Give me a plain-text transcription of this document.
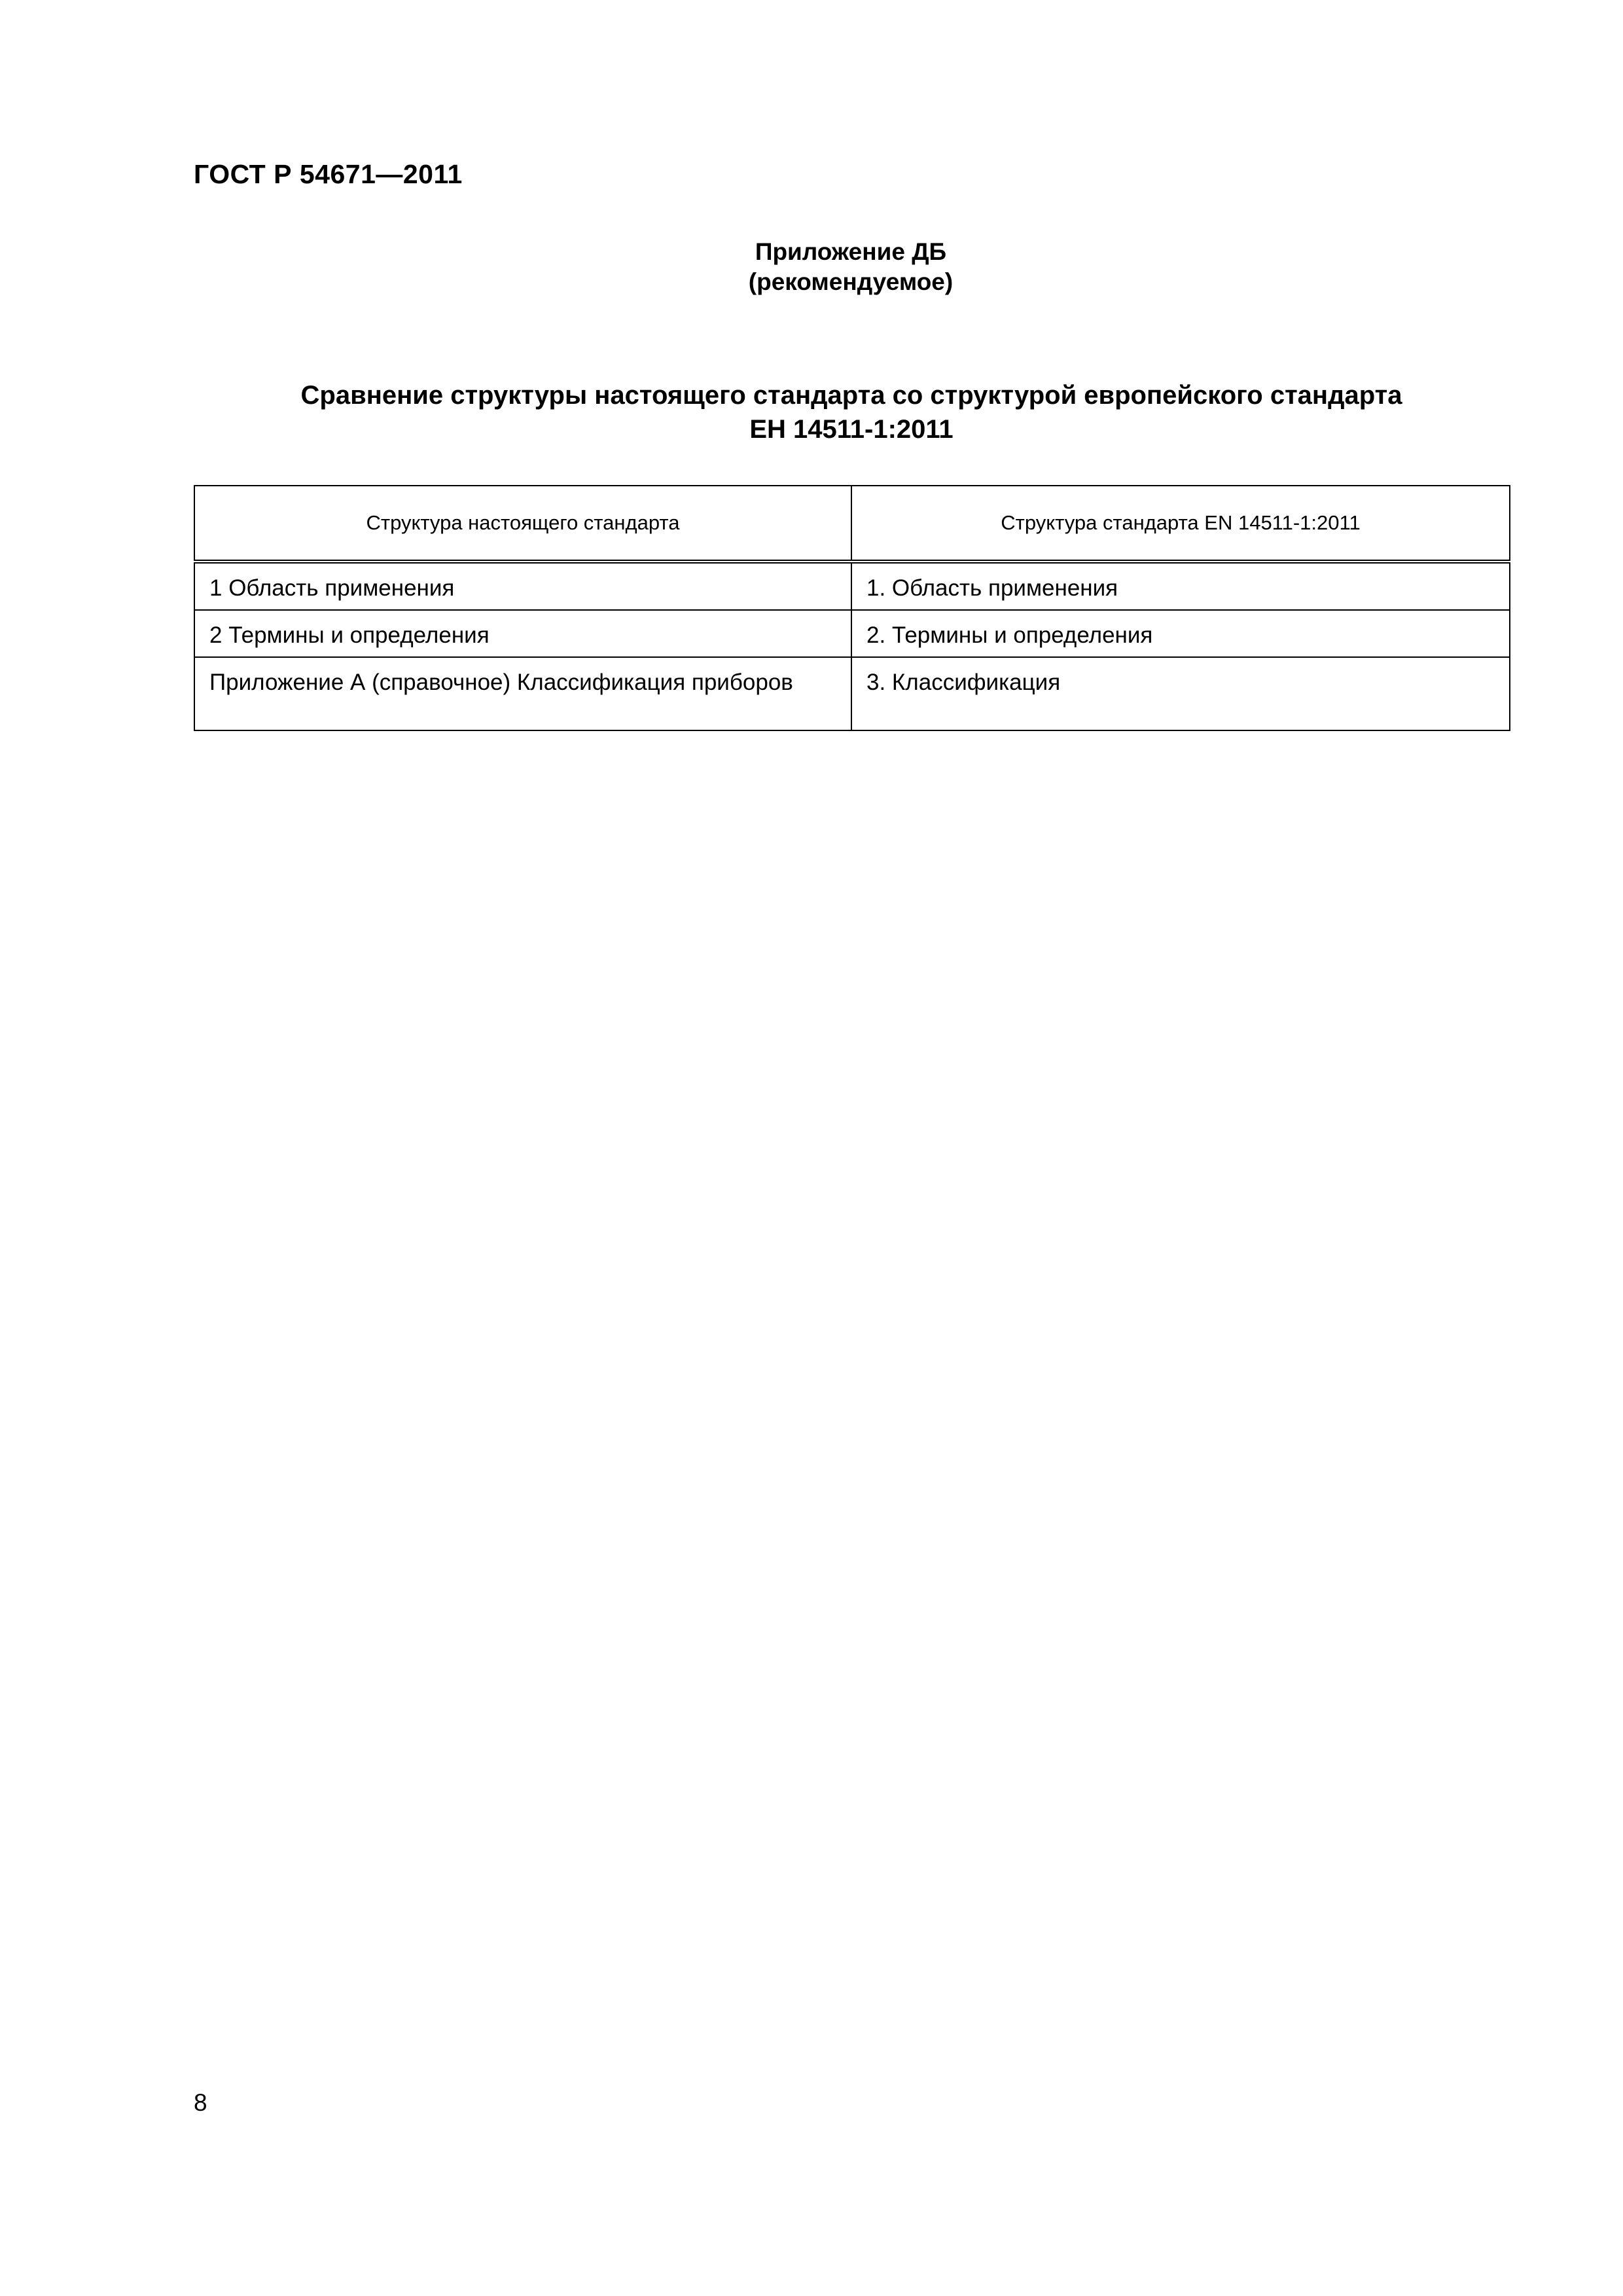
ГОСТ Р 54671—2011
Приложение ДБ
(рекомендуемое)
Сравнение структуры настоящего стандарта со структурой европейского стандарта
ЕН 14511-1:2011
Структура настоящего стандарта	Структура стандарта EN 14511-1:2011
1 Область применения	1. Область применения
2 Термины и определения	2. Термины и определения
Приложение А (справочное) Классификация приборов	3. Классификация
8
